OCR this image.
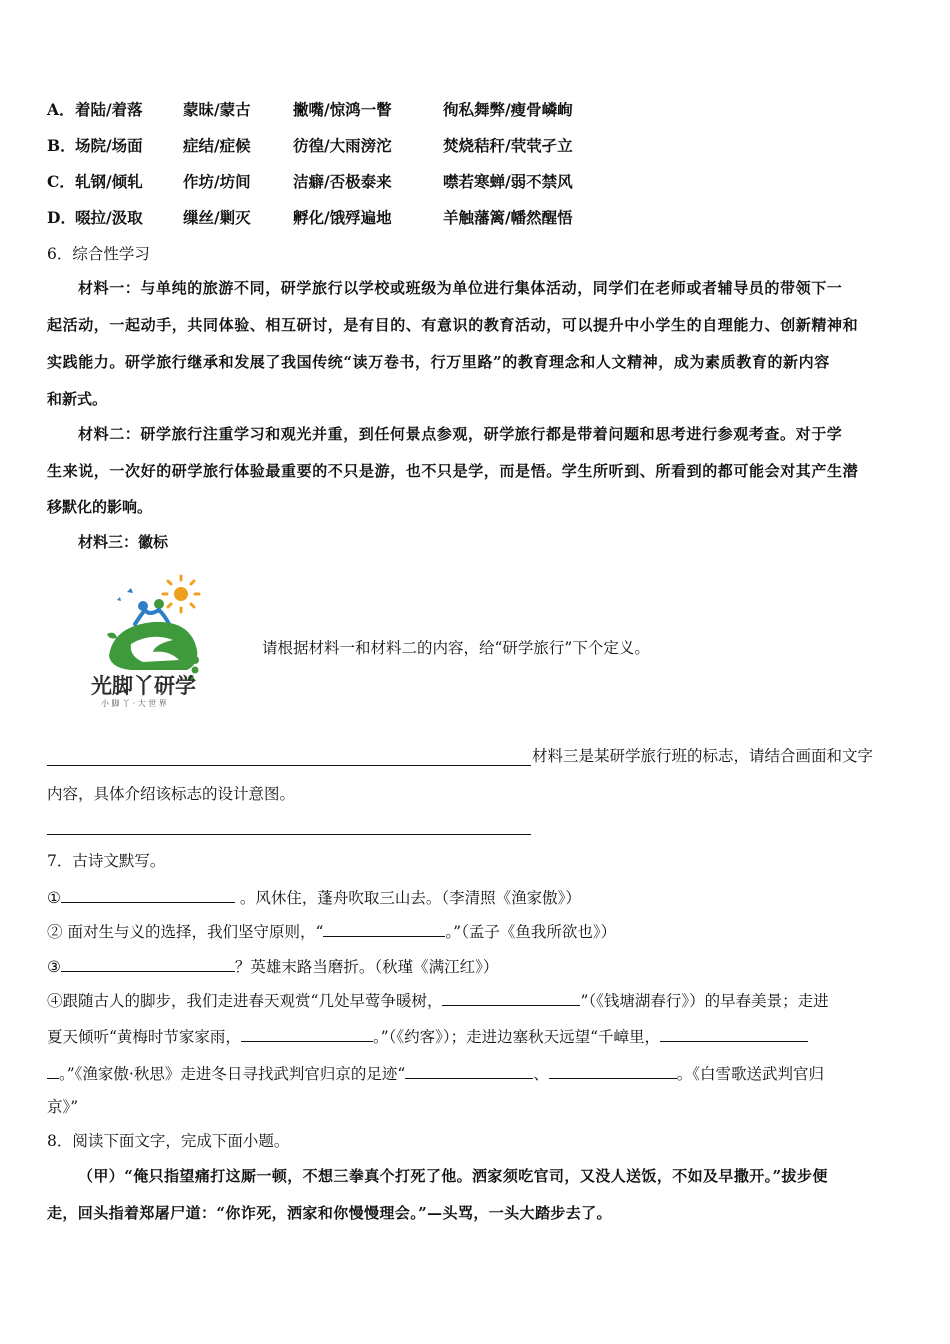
A． 着陆/着落	蒙昧/蒙古	撇嘴/惊鸿一瞥	徇私舞弊/瘦骨嶙峋
B． 场院/场面	症结/症候	彷徨/大雨滂沱	焚烧秸秆/茕茕孑立
C． 轧钢/倾轧	作坊/坊间	洁癖/否极泰来	噤若寒蝉/弱不禁风
D． 啜拉/汲取	缫丝/剿灭	孵化/饿殍遍地	羊触藩篱/幡然醒悟
6．综合性学习
材料一：与单纯的旅游不同，研学旅行以学校或班级为单位进行集体活动，同学们在老师或者辅导员的带领下一
起活动，一起动手，共同体验、相互研讨，是有目的、有意识的教育活动，可以提升中小学生的自理能力、创新精神和
实践能力。研学旅行继承和发展了我国传统“读万卷书，行万里路”的教育理念和人文精神，成为素质教育的新内容
和新式。
材料二：研学旅行注重学习和观光并重，到任何景点参观，研学旅行都是带着问题和思考进行参观考查。对于学
生来说，一次好的研学旅行体验最重要的不只是游，也不只是学，而是悟。学生所听到、所看到的都可能会对其产生潜
移默化的影响。
材料三：徽标
光脚丫研学
小 脚 丫 · 大 世 界
请根据材料一和材料二的内容，给“研学旅行”下个定义。
材料三是某研学旅行班的标志，请结合画面和文字
内容，具体介绍该标志的设计意图。
7．古诗文默写。
①	。风休住，蓬舟吹取三山去。（李清照《渔家傲》）
② 面对生与义的选择，我们坚守原则，“	。”（孟子《鱼我所欲也》）
③	？英雄末路当磨折。（秋瑾《满江红》）
④跟随古人的脚步，我们走进春天观赏“几处早莺争暖树，	”（《钱塘湖春行》）的早春美景；走进
夏天倾听“黄梅时节家家雨，	。”（《约客》）；走进边塞秋天远望“千嶂里，
。”《渔家傲·秋思》走进冬日寻找武判官归京的足迹“	、	。《白雪歌送武判官归
京》”
8．阅读下面文字，完成下面小题。
（甲）“俺只指望痛打这厮一顿，不想三拳真个打死了他。洒家须吃官司，又没人送饭，不如及早撒开。”拔步便
走，回头指着郑屠尸道：“你诈死，洒家和你慢慢理会。”—头骂，一头大踏步去了。
